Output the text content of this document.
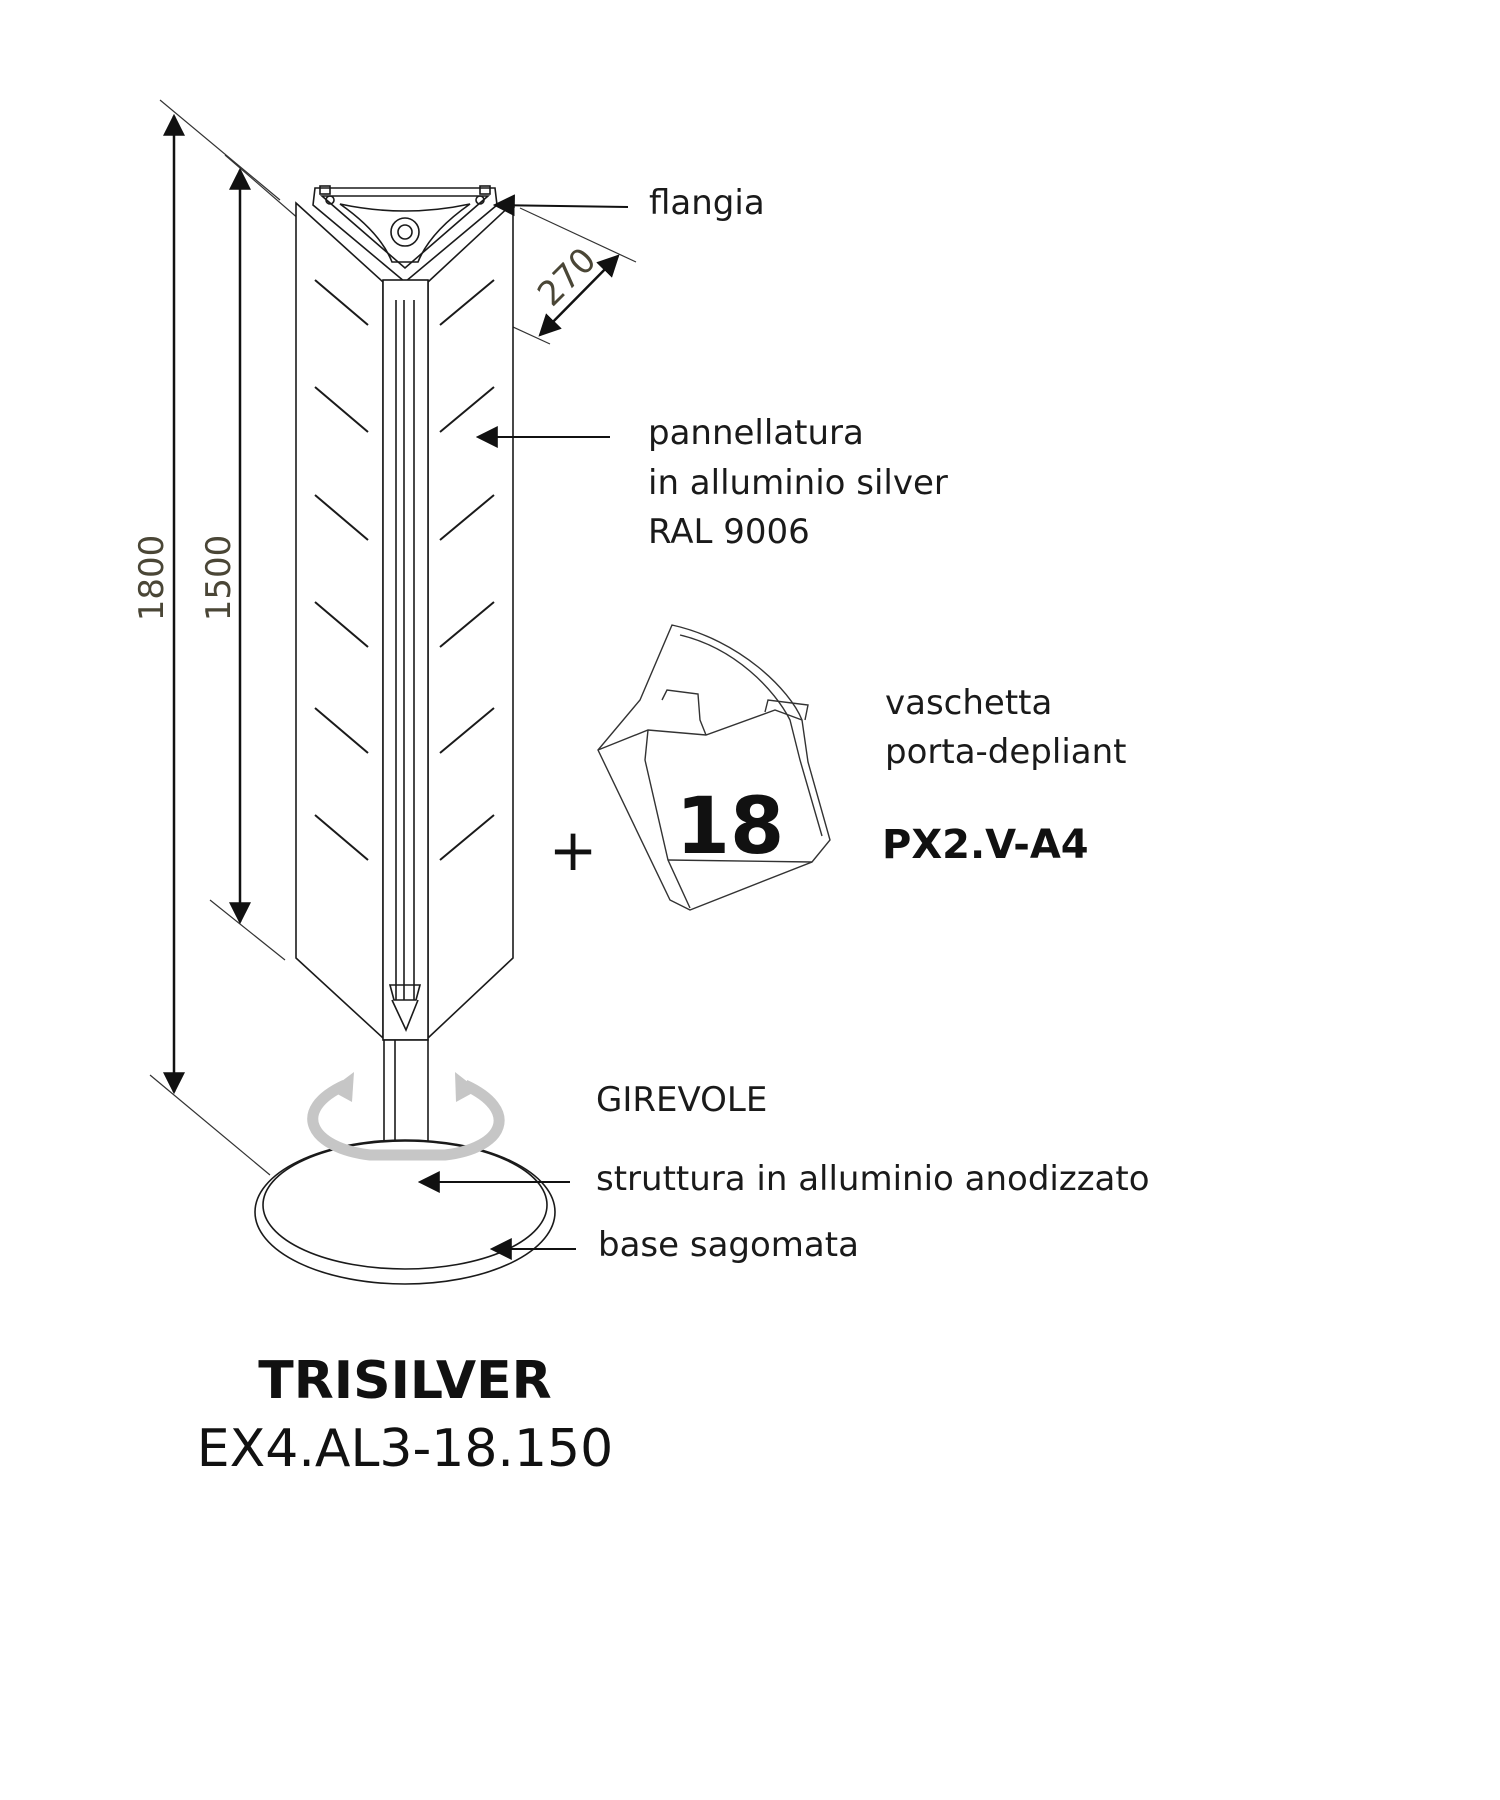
1800 1500
270
flangia
pannellatura
in alluminio silver
RAL 9006
18
+
vaschetta
porta-depliant
PX2.V-A4
GIREVOLE
struttura in alluminio anodizzato
base sagomata
TRISILVER
EX4.AL3-18.150
